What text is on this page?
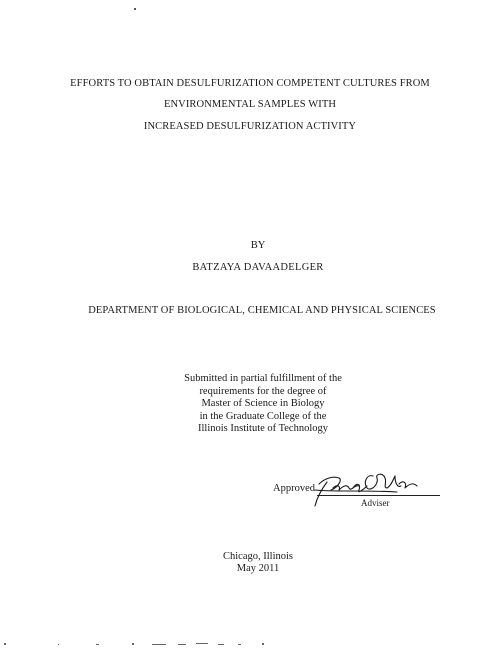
EFFORTS TO OBTAIN DESULFURIZATION COMPETENT CULTURES FROM
ENVIRONMENTAL SAMPLES WITH
INCREASED DESULFURIZATION ACTIVITY
BY
BATZAYA DAVAADELGER
DEPARTMENT OF BIOLOGICAL, CHEMICAL AND PHYSICAL SCIENCES
Submitted in partial fulfillment of the
requirements for the degree of
Master of Science in Biology
in the Graduate College of the
Illinois Institute of Technology
Approved
Adviser
Chicago, Illinois
May 2011
